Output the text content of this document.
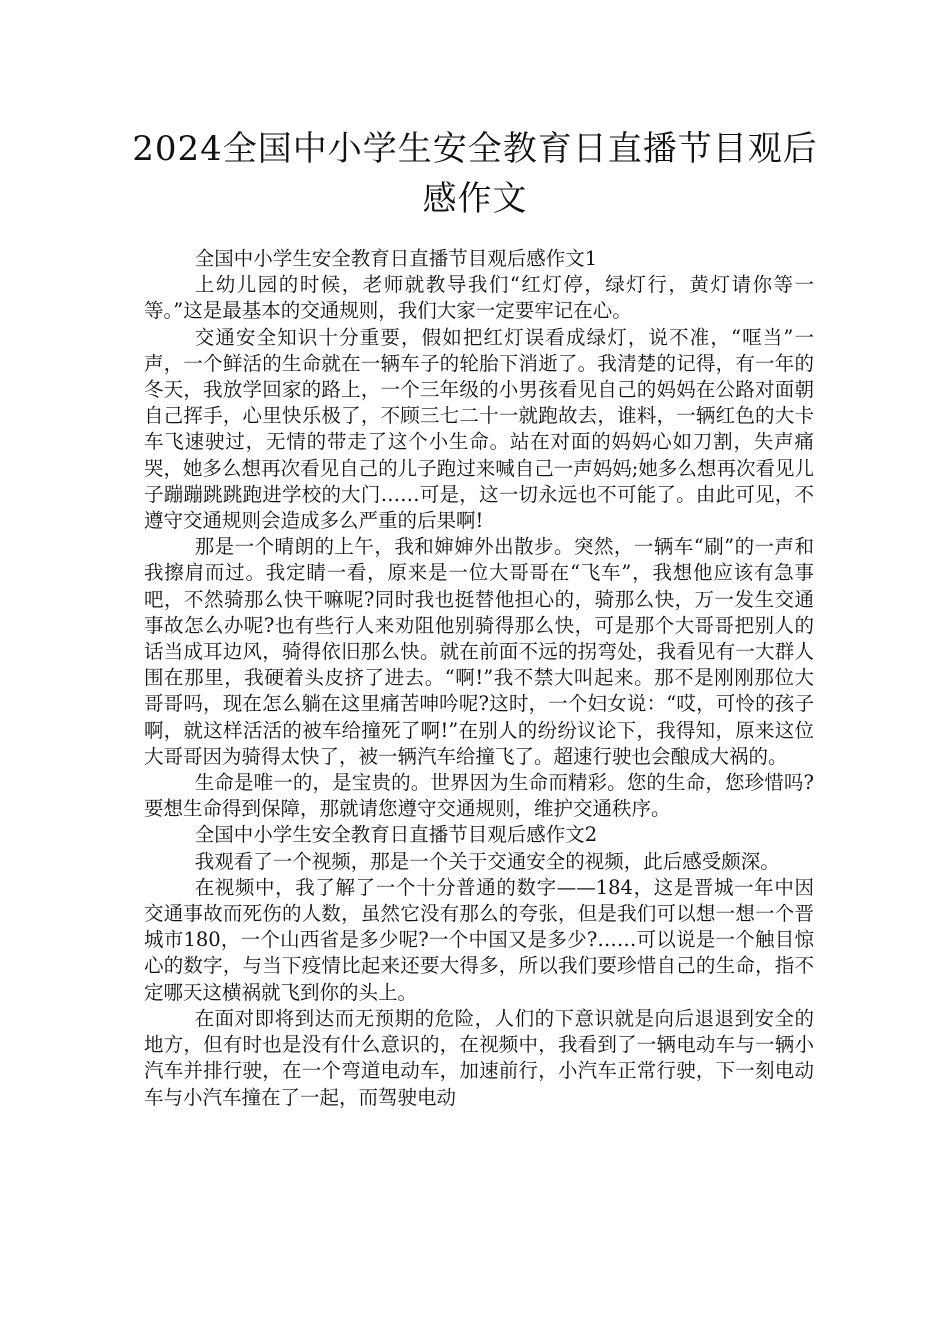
2024全国中小学生安全教育日直播节目观后感作文

全国中小学生安全教育日直播节目观后感作文1

上幼儿园的时候，老师就教导我们“红灯停，绿灯行，黄灯请你等一等。”这是最基本的交通规则，我们大家一定要牢记在心。

交通安全知识十分重要，假如把红灯误看成绿灯，说不准，“哐当”一声，一个鲜活的生命就在一辆车子的轮胎下消逝了。我清楚的记得，有一年的冬天，我放学回家的路上，一个三年级的小男孩看见自己的妈妈在公路对面朝自己挥手，心里快乐极了，不顾三七二十一就跑故去，谁料，一辆红色的大卡车飞速驶过，无情的带走了这个小生命。站在对面的妈妈心如刀割，失声痛哭，她多么想再次看见自己的儿子跑过来喊自己一声妈妈;她多么想再次看见儿子蹦蹦跳跳跑进学校的大门……可是，这一切永远也不可能了。由此可见，不遵守交通规则会造成多么严重的后果啊!

那是一个晴朗的上午，我和婶婶外出散步。突然，一辆车“刷”的一声和我擦肩而过。我定睛一看，原来是一位大哥哥在“飞车”，我想他应该有急事吧，不然骑那么快干嘛呢?同时我也挺替他担心的，骑那么快，万一发生交通事故怎么办呢?也有些行人来劝阻他别骑得那么快，可是那个大哥哥把别人的话当成耳边风，骑得依旧那么快。就在前面不远的拐弯处，我看见有一大群人围在那里，我硬着头皮挤了进去。“啊!”我不禁大叫起来。那不是刚刚那位大哥哥吗，现在怎么躺在这里痛苦呻吟呢?这时，一个妇女说：“哎，可怜的孩子啊，就这样活活的被车给撞死了啊!”在别人的纷纷议论下，我得知，原来这位大哥哥因为骑得太快了，被一辆汽车给撞飞了。超速行驶也会酿成大祸的。

生命是唯一的，是宝贵的。世界因为生命而精彩。您的生命，您珍惜吗?要想生命得到保障，那就请您遵守交通规则，维护交通秩序。

全国中小学生安全教育日直播节目观后感作文2

我观看了一个视频，那是一个关于交通安全的视频，此后感受颇深。

在视频中，我了解了一个十分普通的数字——184，这是晋城一年中因交通事故而死伤的人数，虽然它没有那么的夸张，但是我们可以想一想一个晋城市180，一个山西省是多少呢?一个中国又是多少?……可以说是一个触目惊心的数字，与当下疫情比起来还要大得多，所以我们要珍惜自己的生命，指不定哪天这横祸就飞到你的头上。

在面对即将到达而无预期的危险，人们的下意识就是向后退退到安全的地方，但有时也是没有什么意识的，在视频中，我看到了一辆电动车与一辆小汽车并排行驶，在一个弯道电动车，加速前行，小汽车正常行驶，下一刻电动车与小汽车撞在了一起，而驾驶电动
